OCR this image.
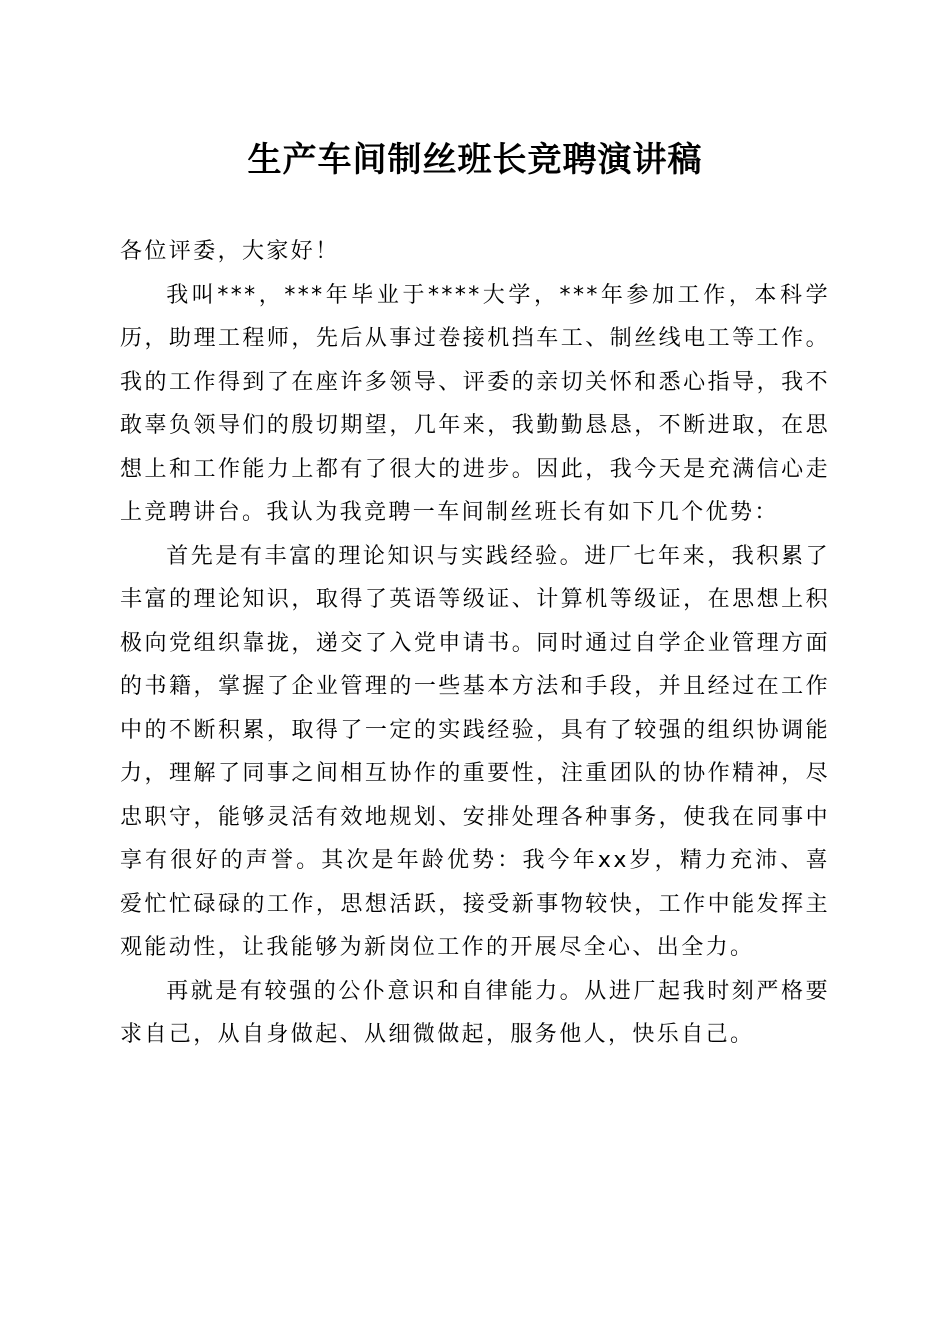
生产车间制丝班长竞聘演讲稿

各位评委，大家好！

我叫***，***年毕业于****大学，***年参加工作，本科学历，助理工程师，先后从事过卷接机挡车工、制丝线电工等工作。我的工作得到了在座许多领导、评委的亲切关怀和悉心指导，我不敢辜负领导们的殷切期望，几年来，我勤勤恳恳，不断进取，在思想上和工作能力上都有了很大的进步。因此，我今天是充满信心走上竞聘讲台。我认为我竞聘一车间制丝班长有如下几个优势：

首先是有丰富的理论知识与实践经验。进厂七年来，我积累了丰富的理论知识，取得了英语等级证、计算机等级证，在思想上积极向党组织靠拢，递交了入党申请书。同时通过自学企业管理方面的书籍，掌握了企业管理的一些基本方法和手段，并且经过在工作中的不断积累，取得了一定的实践经验，具有了较强的组织协调能力，理解了同事之间相互协作的重要性，注重团队的协作精神，尽忠职守，能够灵活有效地规划、安排处理各种事务，使我在同事中享有很好的声誉。其次是年龄优势：我今年xx岁，精力充沛、喜爱忙忙碌碌的工作，思想活跃，接受新事物较快，工作中能发挥主观能动性，让我能够为新岗位工作的开展尽全心、出全力。

再就是有较强的公仆意识和自律能力。从进厂起我时刻严格要求自己，从自身做起、从细微做起，服务他人，快乐自己。
